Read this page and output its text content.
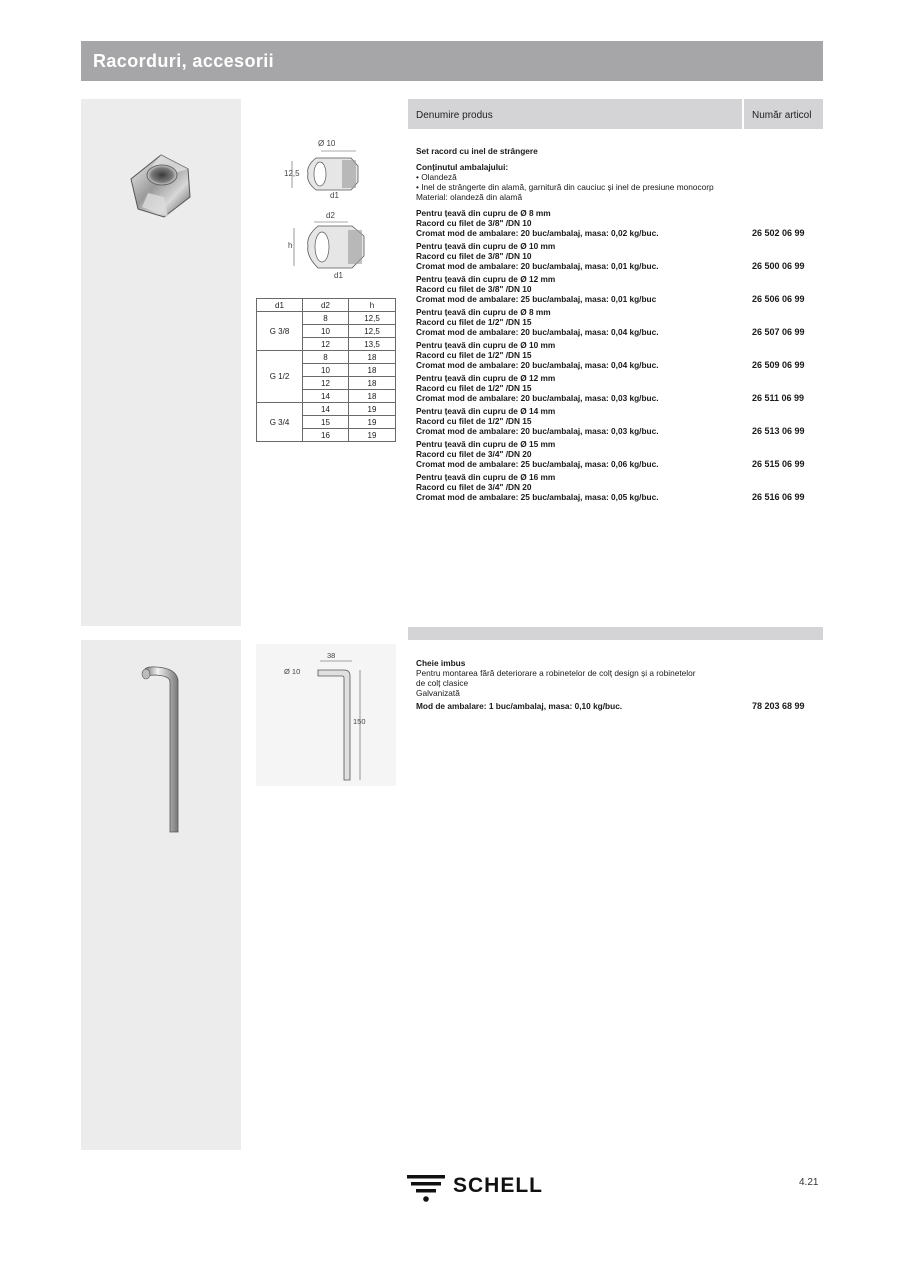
Racorduri, accesorii
Denumire produs	Număr articol
Ø 10
12,5
d1
d2
h
d1
d1	d2	h
G 3/8	8	12,5
	10	12,5
	12	13,5
G 1/2	8	18
	10	18
	12	18
	14	18
G 3/4	14	19
	15	19
	16	19
Set racord cu inel de strângere
Conținutul ambalajului:
• Olandeză
• Inel de strângerte din alamă, garnitură din cauciuc și inel de presiune monocorp
Material: olandeză din alamă
Pentru țeavă din cupru de Ø 8 mm
Racord cu filet de 3/8" /DN 10
Cromat mod de ambalare: 20 buc/ambalaj, masa: 0,02 kg/buc.	26 502 06 99
Pentru țeavă din cupru de Ø 10 mm
Racord cu filet de 3/8" /DN 10
Cromat mod de ambalare: 20 buc/ambalaj, masa: 0,01 kg/buc.	26 500 06 99
Pentru țeavă din cupru de Ø 12 mm
Racord cu filet de 3/8" /DN 10
Cromat mod de ambalare: 25 buc/ambalaj, masa: 0,01 kg/buc	26 506 06 99
Pentru țeavă din cupru de Ø 8 mm
Racord cu filet de 1/2" /DN 15
Cromat mod de ambalare: 20 buc/ambalaj, masa: 0,04 kg/buc.	26 507 06 99
Pentru țeavă din cupru de Ø 10 mm
Racord cu filet de 1/2" /DN 15
Cromat mod de ambalare: 20 buc/ambalaj, masa: 0,04 kg/buc.	26 509 06 99
Pentru țeavă din cupru de Ø 12 mm
Racord cu filet de 1/2" /DN 15
Cromat mod de ambalare: 20 buc/ambalaj, masa: 0,03 kg/buc.	26 511 06 99
Pentru țeavă din cupru de Ø 14 mm
Racord cu filet de 1/2" /DN 15
Cromat mod de ambalare: 20 buc/ambalaj, masa: 0,03 kg/buc.	26 513 06 99
Pentru țeavă din cupru de Ø 15 mm
Racord cu filet de 3/4" /DN 20
Cromat mod de ambalare: 25 buc/ambalaj, masa: 0,06 kg/buc.	26 515 06 99
Pentru țeavă din cupru de Ø 16 mm
Racord cu filet de 3/4" /DN 20
Cromat mod de ambalare: 25 buc/ambalaj, masa: 0,05 kg/buc.	26 516 06 99
Ø 10
38
150
Cheie imbus
Pentru montarea fără deteriorare a robinetelor de colț design și a robinetelor
de colț clasice
Galvanizată
Mod de ambalare: 1 buc/ambalaj, masa: 0,10 kg/buc.	78 203 68 99
SCHELL	4.21
